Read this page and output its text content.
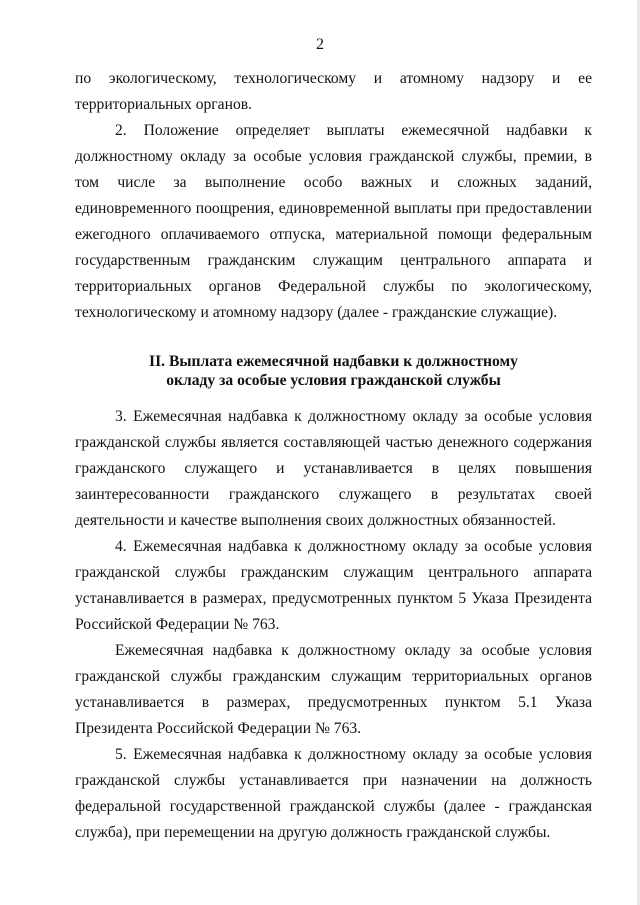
2

по экологическому, технологическому и атомному надзору и ее территориальных органов.

2. Положение определяет выплаты ежемесячной надбавки к должностному окладу за особые условия гражданской службы, премии, в том числе за выполнение особо важных и сложных заданий, единовременного поощрения, единовременной выплаты при предоставлении ежегодного оплачиваемого отпуска, материальной помощи федеральным государственным гражданским служащим центрального аппарата и территориальных органов Федеральной службы по экологическому, технологическому и атомному надзору (далее - гражданские служащие).

II. Выплата ежемесячной надбавки к должностному
окладу за особые условия гражданской службы

3. Ежемесячная надбавка к должностному окладу за особые условия гражданской службы является составляющей частью денежного содержания гражданского служащего и устанавливается в целях повышения заинтересованности гражданского служащего в результатах своей деятельности и качестве выполнения своих должностных обязанностей.

4. Ежемесячная надбавка к должностному окладу за особые условия гражданской службы гражданским служащим центрального аппарата устанавливается в размерах, предусмотренных пунктом 5 Указа Президента Российской Федерации № 763.

Ежемесячная надбавка к должностному окладу за особые условия гражданской службы гражданским служащим территориальных органов устанавливается в размерах, предусмотренных пунктом 5.1 Указа Президента Российской Федерации № 763.

5. Ежемесячная надбавка к должностному окладу за особые условия гражданской службы устанавливается при назначении на должность федеральной государственной гражданской службы (далее - гражданская служба), при перемещении на другую должность гражданской службы.
